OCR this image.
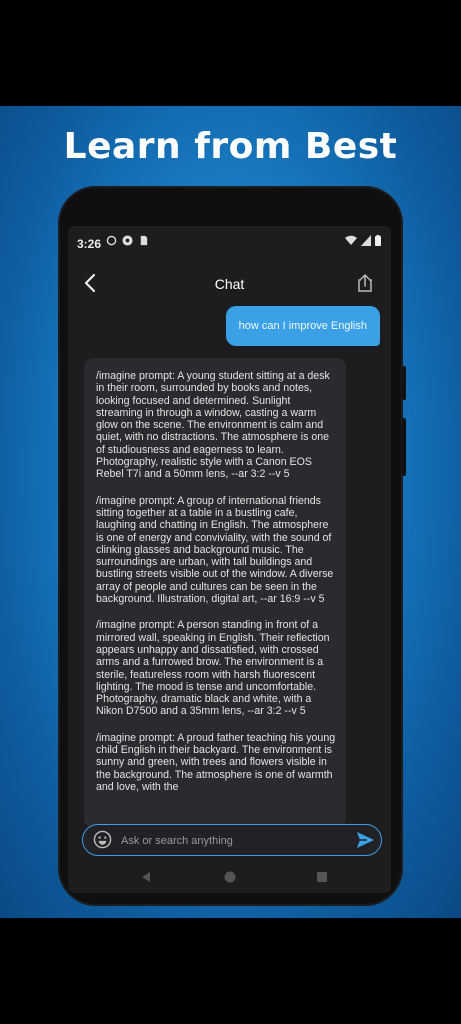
Learn from Best
3:26
Chat
how can I improve English

/imagine prompt: A young student sitting at a desk in their room, surrounded by books and notes, looking focused and determined. Sunlight streaming in through a window, casting a warm glow on the scene. The environment is calm and quiet, with no distractions. The atmosphere is one of studiousness and eagerness to learn. Photography, realistic style with a Canon EOS Rebel T7i and a 50mm lens, --ar 3:2 --v 5

/imagine prompt: A group of international friends sitting together at a table in a bustling cafe, laughing and chatting in English. The atmosphere is one of energy and conviviality, with the sound of clinking glasses and background music. The surroundings are urban, with tall buildings and bustling streets visible out of the window. A diverse array of people and cultures can be seen in the background. Illustration, digital art, --ar 16:9 --v 5

/imagine prompt: A person standing in front of a mirrored wall, speaking in English. Their reflection appears unhappy and dissatisfied, with crossed arms and a furrowed brow. The environment is a sterile, featureless room with harsh fluorescent lighting. The mood is tense and uncomfortable. Photography, dramatic black and white, with a Nikon D7500 and a 35mm lens, --ar 3:2 --v 5

/imagine prompt: A proud father teaching his young child English in their backyard. The environment is sunny and green, with trees and flowers visible in the background. The atmosphere is one of warmth and love, with the

Ask or search anything
